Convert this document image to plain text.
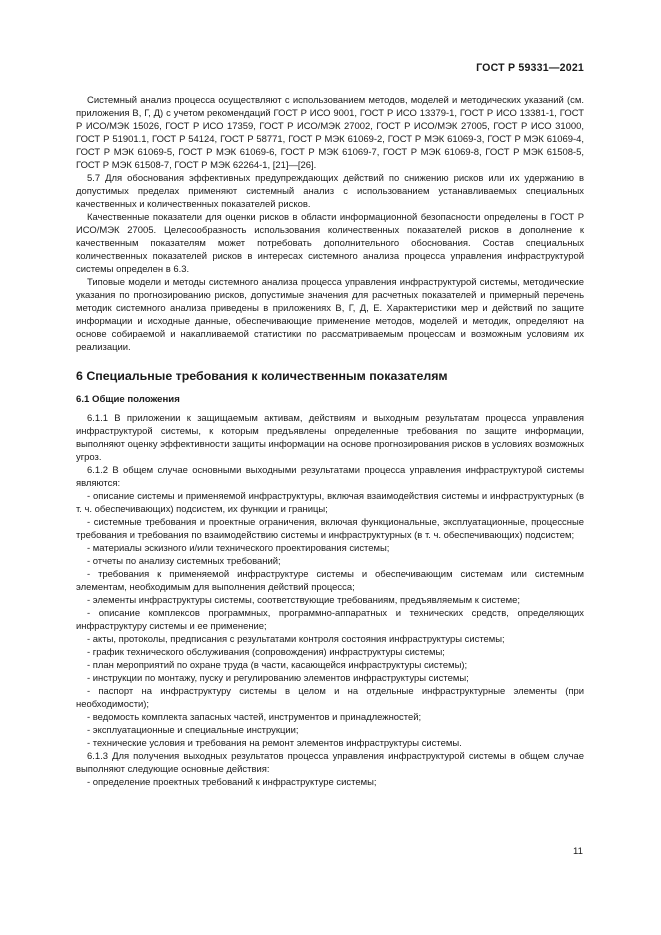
ГОСТ Р 59331—2021

Системный анализ процесса осуществляют с использованием методов, моделей и методических указаний (см. приложения В, Г, Д) с учетом рекомендаций ГОСТ Р ИСО 9001, ГОСТ Р ИСО 13379-1, ГОСТ Р ИСО 13381-1, ГОСТ Р ИСО/МЭК 15026, ГОСТ Р ИСО 17359, ГОСТ Р ИСО/МЭК 27002, ГОСТ Р ИСО/МЭК 27005, ГОСТ Р ИСО 31000, ГОСТ Р 51901.1, ГОСТ Р 54124, ГОСТ Р 58771, ГОСТ Р МЭК 61069-2, ГОСТ Р МЭК 61069-3, ГОСТ Р МЭК 61069-4, ГОСТ Р МЭК 61069-5, ГОСТ Р МЭК 61069-6, ГОСТ Р МЭК 61069-7, ГОСТ Р МЭК 61069-8, ГОСТ Р МЭК 61508-5, ГОСТ Р МЭК 61508-7, ГОСТ Р МЭК 62264-1, [21]—[26].

5.7 Для обоснования эффективных предупреждающих действий по снижению рисков или их удержанию в допустимых пределах применяют системный анализ с использованием устанавливаемых специальных качественных и количественных показателей рисков.

Качественные показатели для оценки рисков в области информационной безопасности определены в ГОСТ Р ИСО/МЭК 27005. Целесообразность использования количественных показателей рисков в дополнение к качественным показателям может потребовать дополнительного обоснования. Состав специальных количественных показателей рисков в интересах системного анализа процесса управления инфраструктурой системы определен в 6.3.

Типовые модели и методы системного анализа процесса управления инфраструктурой системы, методические указания по прогнозированию рисков, допустимые значения для расчетных показателей и примерный перечень методик системного анализа приведены в приложениях В, Г, Д, Е. Характеристики мер и действий по защите информации и исходные данные, обеспечивающие применение методов, моделей и методик, определяют на основе собираемой и накапливаемой статистики по рассматриваемым процессам и возможным условиям их реализации.

6 Специальные требования к количественным показателям
6.1 Общие положения

6.1.1 В приложении к защищаемым активам, действиям и выходным результатам процесса управления инфраструктурой системы, к которым предъявлены определенные требования по защите информации, выполняют оценку эффективности защиты информации на основе прогнозирования рисков в условиях возможных угроз.

6.1.2 В общем случае основными выходными результатами процесса управления инфраструктурой системы являются:

- описание системы и применяемой инфраструктуры, включая взаимодействия системы и инфраструктурных (в т. ч. обеспечивающих) подсистем, их функции и границы;

- системные требования и проектные ограничения, включая функциональные, эксплуатационные, процессные требования и требования по взаимодействию системы и инфраструктурных (в т. ч. обеспечивающих) подсистем;

- материалы эскизного и/или технического проектирования системы;

- отчеты по анализу системных требований;

- требования к применяемой инфраструктуре системы и обеспечивающим системам или системным элементам, необходимым для выполнения действий процесса;

- элементы инфраструктуры системы, соответствующие требованиям, предъявляемым к системе;

- описание комплексов программных, программно-аппаратных и технических средств, определяющих инфраструктуру системы и ее применение;

- акты, протоколы, предписания с результатами контроля состояния инфраструктуры системы;

- график технического обслуживания (сопровождения) инфраструктуры системы;

- план мероприятий по охране труда (в части, касающейся инфраструктуры системы);

- инструкции по монтажу, пуску и регулированию элементов инфраструктуры системы;

- паспорт на инфраструктуру системы в целом и на отдельные инфраструктурные элементы (при необходимости);

- ведомость комплекта запасных частей, инструментов и принадлежностей;

- эксплуатационные и специальные инструкции;

- технические условия и требования на ремонт элементов инфраструктуры системы.

6.1.3 Для получения выходных результатов процесса управления инфраструктурой системы в общем случае выполняют следующие основные действия:

- определение проектных требований к инфраструктуре системы;

11
